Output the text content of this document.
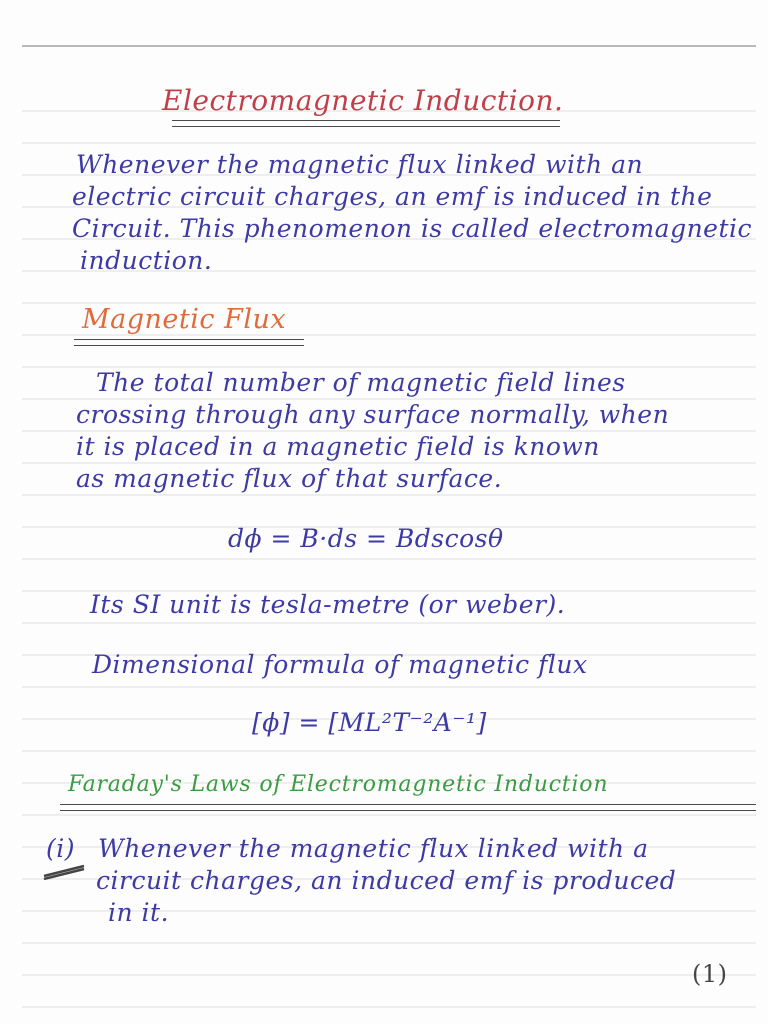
Electromagnetic Induction.
Whenever the magnetic flux linked with an
electric circuit charges, an emf is induced in the
Circuit. This phenomenon is called electromagnetic
induction.
Magnetic Flux
The total number of magnetic field lines
crossing through any surface normally, when
it is placed in a magnetic field is known
as magnetic flux of that surface.
dϕ = B·ds = Bdscosθ
Its SI unit is tesla-metre (or weber).
Dimensional formula of magnetic flux
[ϕ] = [ML²T⁻²A⁻¹]
Faraday's Laws of Electromagnetic Induction
(i) Whenever the magnetic flux linked with a
circuit charges, an induced emf is produced
in it.
(1)
